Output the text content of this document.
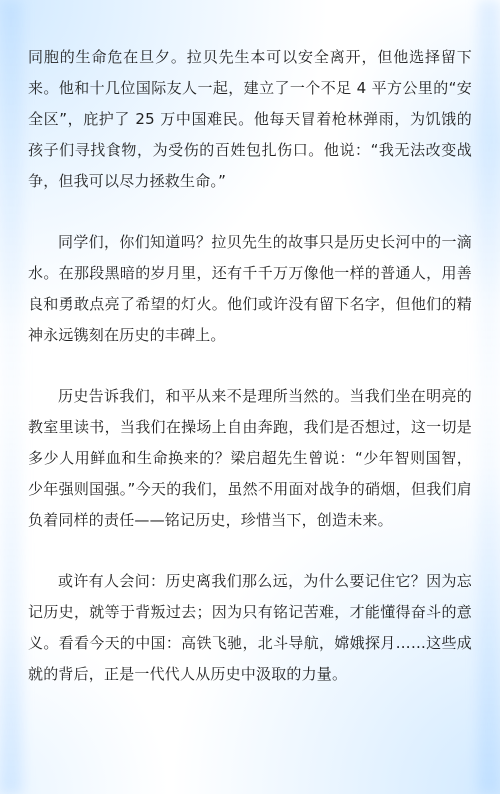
同胞的生命危在旦夕。拉贝先生本可以安全离开，但他选择留下来。他和十几位国际友人一起，建立了一个不足 4 平方公里的“安全区”，庇护了 25 万中国难民。他每天冒着枪林弹雨，为饥饿的孩子们寻找食物，为受伤的百姓包扎伤口。他说：“我无法改变战争，但我可以尽力拯救生命。”

同学们，你们知道吗？拉贝先生的故事只是历史长河中的一滴水。在那段黑暗的岁月里，还有千千万万像他一样的普通人，用善良和勇敢点亮了希望的灯火。他们或许没有留下名字，但他们的精神永远镌刻在历史的丰碑上。

历史告诉我们，和平从来不是理所当然的。当我们坐在明亮的教室里读书，当我们在操场上自由奔跑，我们是否想过，这一切是多少人用鲜血和生命换来的？梁启超先生曾说：“少年智则国智，少年强则国强。”今天的我们，虽然不用面对战争的硝烟，但我们肩负着同样的责任——铭记历史，珍惜当下，创造未来。

或许有人会问：历史离我们那么远，为什么要记住它？因为忘记历史，就等于背叛过去；因为只有铭记苦难，才能懂得奋斗的意义。看看今天的中国：高铁飞驰，北斗导航，嫦娥探月……这些成就的背后，正是一代代人从历史中汲取的力量。
